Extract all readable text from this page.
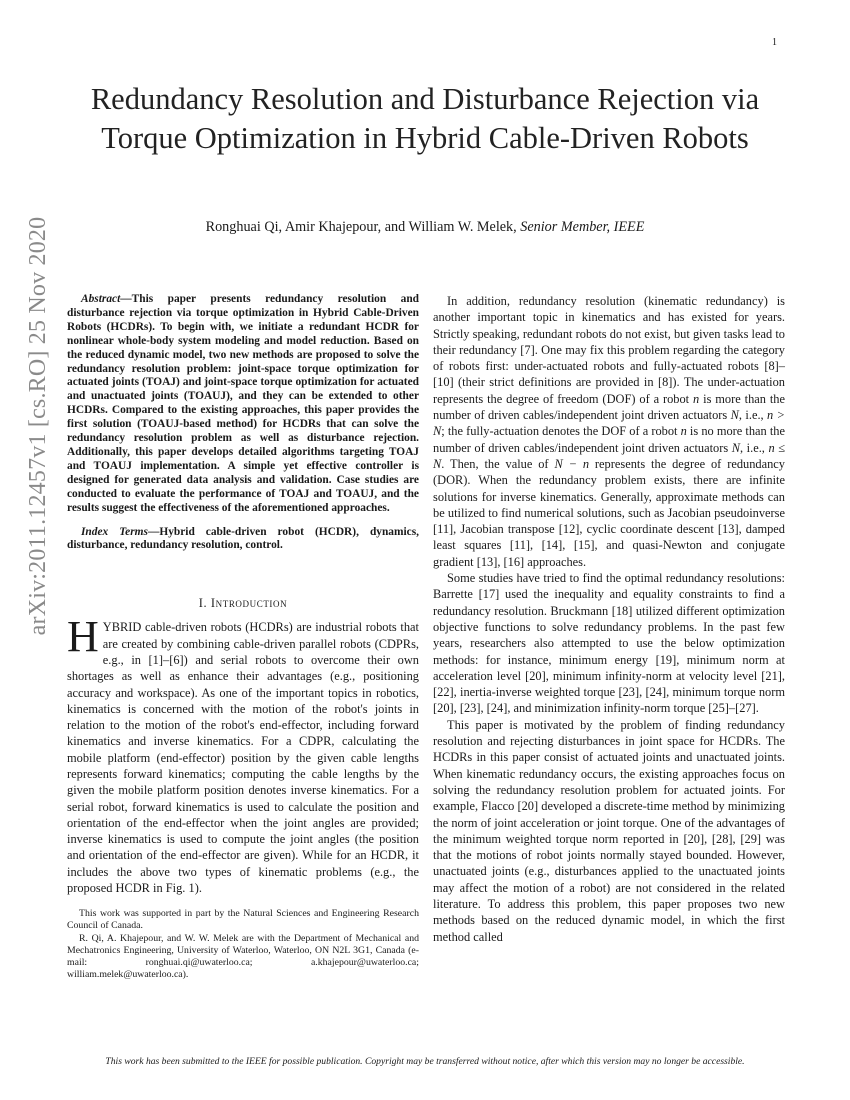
1
arXiv:2011.12457v1 [cs.RO] 25 Nov 2020
Redundancy Resolution and Disturbance Rejection via Torque Optimization in Hybrid Cable-Driven Robots
Ronghuai Qi, Amir Khajepour, and William W. Melek, Senior Member, IEEE

Abstract—This paper presents redundancy resolution and disturbance rejection via torque optimization in Hybrid Cable-Driven Robots (HCDRs). To begin with, we initiate a redundant HCDR for nonlinear whole-body system modeling and model reduction. Based on the reduced dynamic model, two new methods are proposed to solve the redundancy resolution problem: joint-space torque optimization for actuated joints (TOAJ) and joint-space torque optimization for actuated and unactuated joints (TOAUJ), and they can be extended to other HCDRs. Compared to the existing approaches, this paper provides the first solution (TOAUJ-based method) for HCDRs that can solve the redundancy resolution problem as well as disturbance rejection. Additionally, this paper develops detailed algorithms targeting TOAJ and TOAUJ implementation. A simple yet effective controller is designed for generated data analysis and validation. Case studies are conducted to evaluate the performance of TOAJ and TOAUJ, and the results suggest the effectiveness of the aforementioned approaches.

Index Terms—Hybrid cable-driven robot (HCDR), dynamics, disturbance, redundancy resolution, control.

I. Introduction

HYBRID cable-driven robots (HCDRs) are industrial robots that are created by combining cable-driven parallel robots (CDPRs, e.g., in [1]–[6]) and serial robots to overcome their own shortages as well as enhance their advantages (e.g., positioning accuracy and workspace). As one of the important topics in robotics, kinematics is concerned with the motion of the robot's joints in relation to the motion of the robot's end-effector, including forward kinematics and inverse kinematics. For a CDPR, calculating the mobile platform (end-effector) position by the given cable lengths represents forward kinematics; computing the cable lengths by the given the mobile platform position denotes inverse kinematics. For a serial robot, forward kinematics is used to calculate the position and orientation of the end-effector when the joint angles are provided; inverse kinematics is used to compute the joint angles (the position and orientation of the end-effector are given). While for an HCDR, it includes the above two types of kinematic problems (e.g., the proposed HCDR in Fig. 1).

This work was supported in part by the Natural Sciences and Engineering Research Council of Canada.

R. Qi, A. Khajepour, and W. W. Melek are with the Department of Mechanical and Mechatronics Engineering, University of Waterloo, Waterloo, ON N2L 3G1, Canada (e-mail: ronghuai.qi@uwaterloo.ca; a.khajepour@uwaterloo.ca; william.melek@uwaterloo.ca).

In addition, redundancy resolution (kinematic redundancy) is another important topic in kinematics and has existed for years. Strictly speaking, redundant robots do not exist, but given tasks lead to their redundancy [7]. One may fix this problem regarding the category of robots first: under-actuated robots and fully-actuated robots [8]–[10] (their strict definitions are provided in [8]). The under-actuation represents the degree of freedom (DOF) of a robot n is more than the number of driven cables/independent joint driven actuators N, i.e., n > N; the fully-actuation denotes the DOF of a robot n is no more than the number of driven cables/independent joint driven actuators N, i.e., n ≤ N. Then, the value of N − n represents the degree of redundancy (DOR). When the redundancy problem exists, there are infinite solutions for inverse kinematics. Generally, approximate methods can be utilized to find numerical solutions, such as Jacobian pseudoinverse [11], Jacobian transpose [12], cyclic coordinate descent [13], damped least squares [11], [14], [15], and quasi-Newton and conjugate gradient [13], [16] approaches.

Some studies have tried to find the optimal redundancy resolutions: Barrette [17] used the inequality and equality constraints to find a redundancy resolution. Bruckmann [18] utilized different optimization objective functions to solve redundancy problems. In the past few years, researchers also attempted to use the below optimization methods: for instance, minimum energy [19], minimum norm at acceleration level [20], minimum infinity-norm at velocity level [21], [22], inertia-inverse weighted torque [23], [24], minimum torque norm [20], [23], [24], and minimization infinity-norm torque [25]–[27].

This paper is motivated by the problem of finding redundancy resolution and rejecting disturbances in joint space for HCDRs. The HCDRs in this paper consist of actuated joints and unactuated joints. When kinematic redundancy occurs, the existing approaches focus on solving the redundancy resolution problem for actuated joints. For example, Flacco [20] developed a discrete-time method by minimizing the norm of joint acceleration or joint torque. One of the advantages of the minimum weighted torque norm reported in [20], [28], [29] was that the motions of robot joints normally stayed bounded. However, unactuated joints (e.g., disturbances applied to the unactuated joints may affect the motion of a robot) are not considered in the related literature. To address this problem, this paper proposes two new methods based on the reduced dynamic model, in which the first method called

This work has been submitted to the IEEE for possible publication. Copyright may be transferred without notice, after which this version may no longer be accessible.
